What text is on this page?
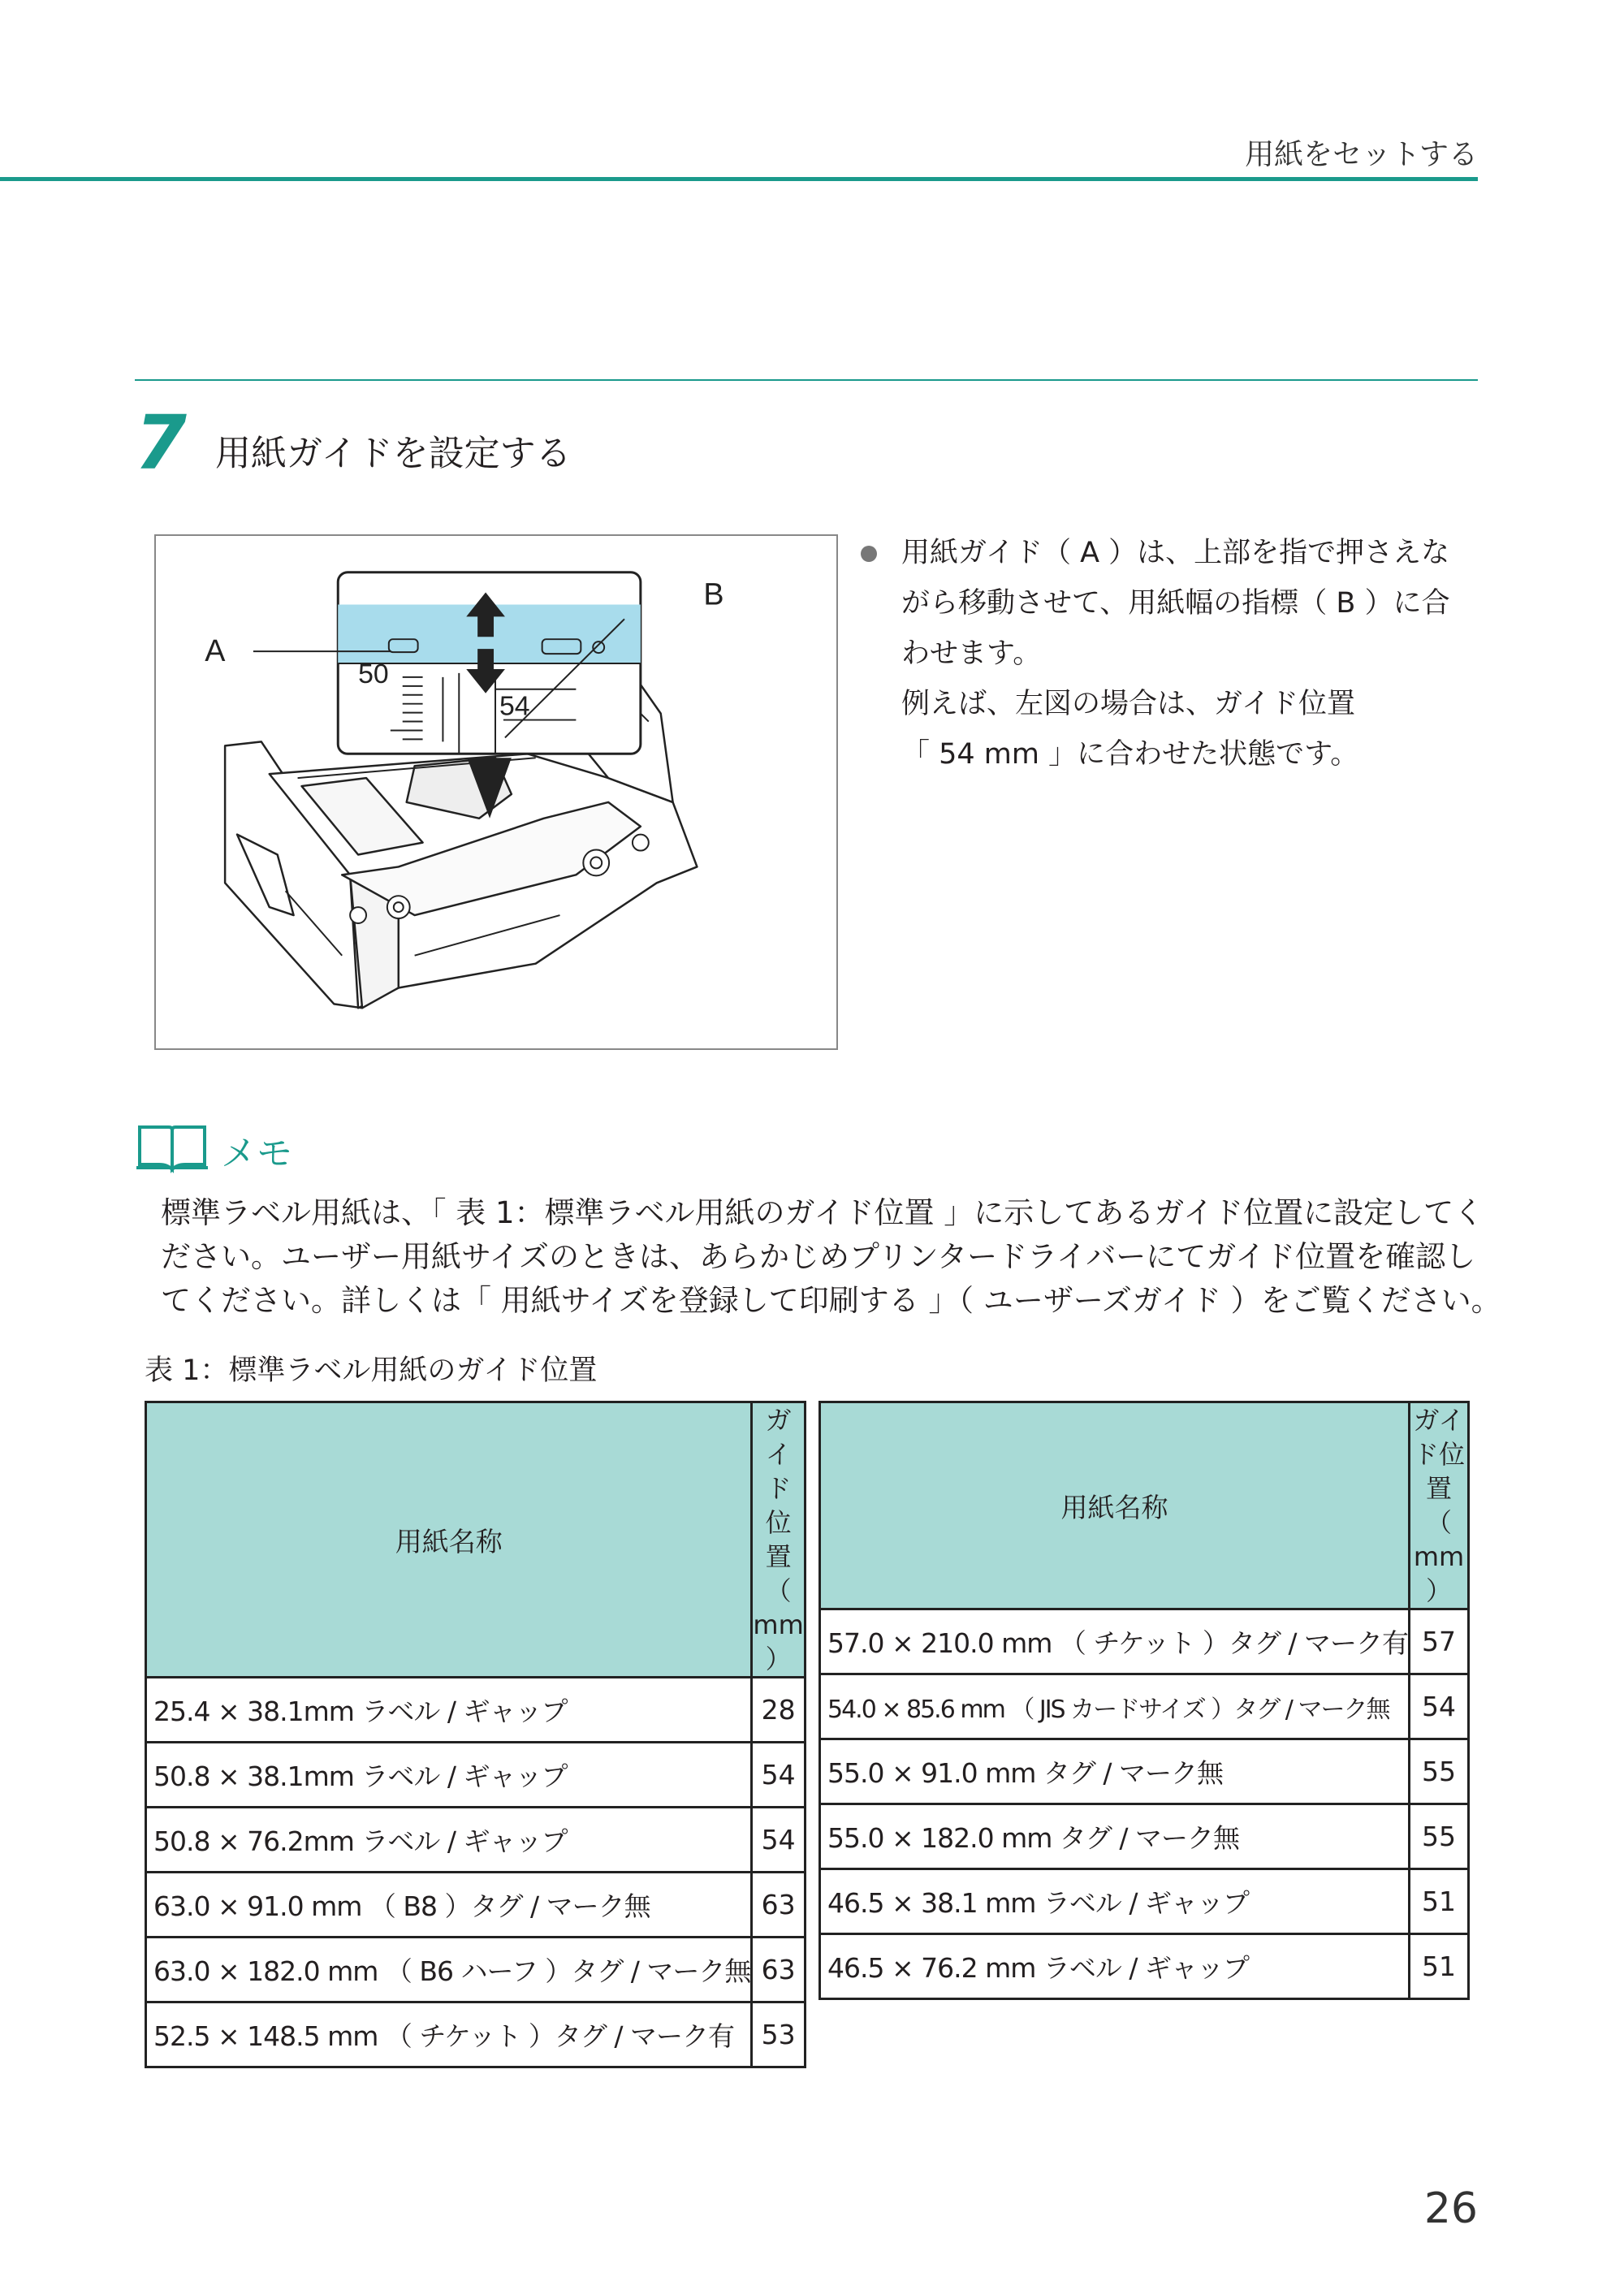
用紙をセットする
7 用紙ガイドを設定する
50
54
A
B
用紙ガイド（ A ）は、上部を指で押さえな
がら移動させて、用紙幅の指標（ B ）に合
わせます。
例えば、左図の場合は、ガイド位置
「 54 mm 」に合わせた状態です。
メモ
標準ラベル用紙は、「 表 1：標準ラベル用紙のガイド位置 」に示してあるガイド位置に設定してく
ださい。ユーザー用紙サイズのときは、あらかじめプリンタードライバーにてガイド位置を確認し
てください。詳しくは「 用紙サイズを登録して印刷する 」（ ユーザーズガイド ）をご覧ください。
表 1：標準ラベル用紙のガイド位置
用紙名称	ガイド位置
（ mm ）

25.4 × 38.1mm ラベル / ギャップ	28
50.8 × 38.1mm ラベル / ギャップ	54
50.8 × 76.2mm ラベル / ギャップ	54
63.0 × 91.0 mm （ B8 ）タグ / マーク無	63
63.0 × 182.0 mm （ B6 ハーフ ）タグ / マーク無	63
52.5 × 148.5 mm （ チケット ）タグ / マーク有	53
用紙名称	ガイド位置
（ mm ）

57.0 × 210.0 mm （ チケット ）タグ / マーク有	57
54.0 × 85.6 mm （ JIS カードサイズ ）タグ / マーク無	54
55.0 × 91.0 mm タグ / マーク無	55
55.0 × 182.0 mm タグ / マーク無	55
46.5 × 38.1 mm ラベル / ギャップ	51
46.5 × 76.2 mm ラベル / ギャップ	51
26
